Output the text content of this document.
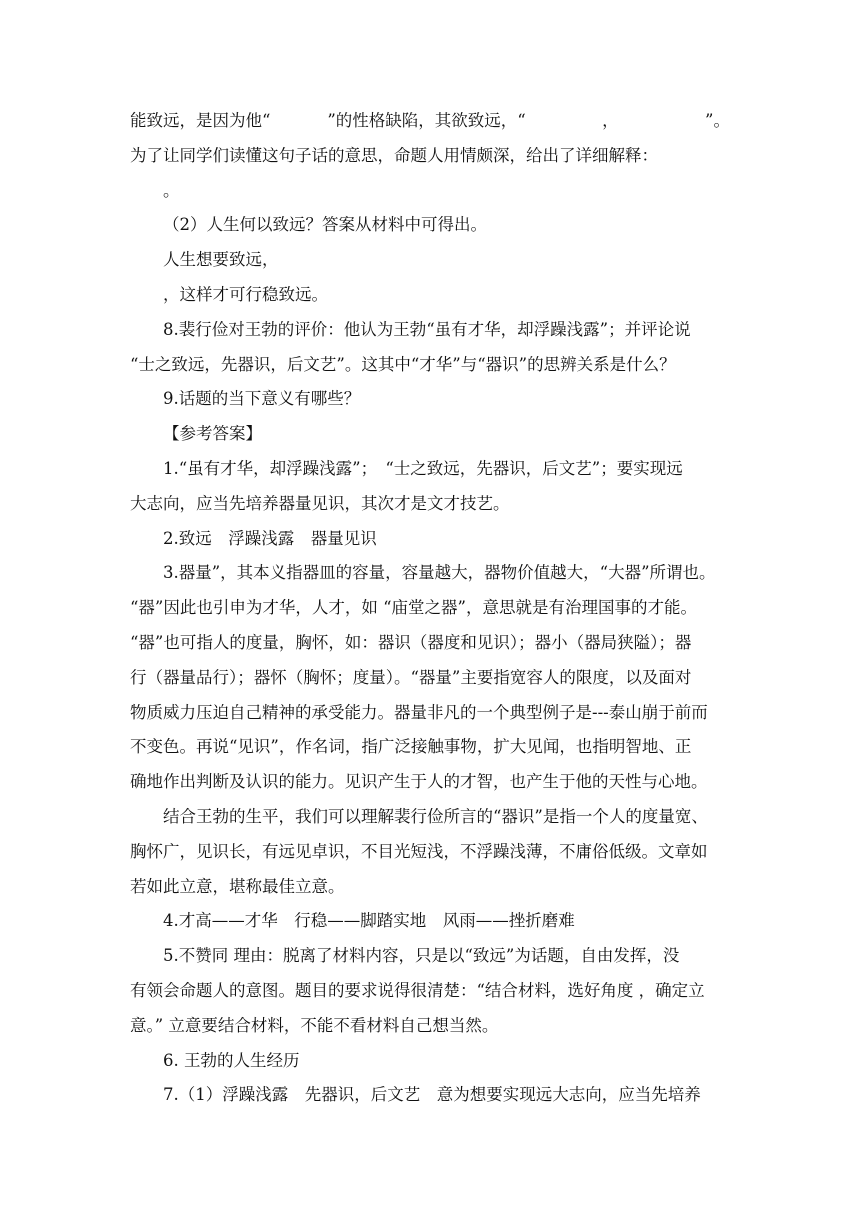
能致远，是因为他“	”的性格缺陷，其欲致远，“	，	”。
为了让同学们读懂这句子话的意思，命题人用情颇深，给出了详细解释：
。
（2）人生何以致远？答案从材料中可得出。
人生想要致远，
，这样才可行稳致远。
8.裴行俭对王勃的评价：他认为王勃“虽有才华，却浮躁浅露”；并评论说
“士之致远，先器识，后文艺”。这其中“才华”与“器识”的思辨关系是什么？
9.话题的当下意义有哪些？
【参考答案】
1.“虽有才华，却浮躁浅露”；　“士之致远，先器识，后文艺”；要实现远
大志向，应当先培养器量见识，其次才是文才技艺。
2.致远　浮躁浅露　器量见识
3.器量”，其本义指器皿的容量，容量越大，器物价值越大，“大器”所谓也。
“器”因此也引申为才华，人才，如 “庙堂之器”，意思就是有治理国事的才能。
“器”也可指人的度量，胸怀，如：器识（器度和见识）；器小（器局狭隘）；器
行（器量品行）；器怀（胸怀；度量）。“器量”主要指宽容人的限度，以及面对
物质威力压迫自己精神的承受能力。器量非凡的一个典型例子是---泰山崩于前而
不变色。再说“见识”，作名词，指广泛接触事物，扩大见闻，也指明智地、正
确地作出判断及认识的能力。见识产生于人的才智，也产生于他的天性与心地。
结合王勃的生平，我们可以理解裴行俭所言的“器识”是指一个人的度量宽、
胸怀广，见识长，有远见卓识，不目光短浅，不浮躁浅薄，不庸俗低级。文章如
若如此立意，堪称最佳立意。
4.才高——才华　行稳——脚踏实地　风雨——挫折磨难
5.不赞同 理由：脱离了材料内容，只是以“致远”为话题，自由发挥，没
有领会命题人的意图。题目的要求说得很清楚：“结合材料，选好角度 ，确定立
意。” 立意要结合材料，不能不看材料自己想当然。
6. 王勃的人生经历
7.（1）浮躁浅露　先器识，后文艺　意为想要实现远大志向，应当先培养
